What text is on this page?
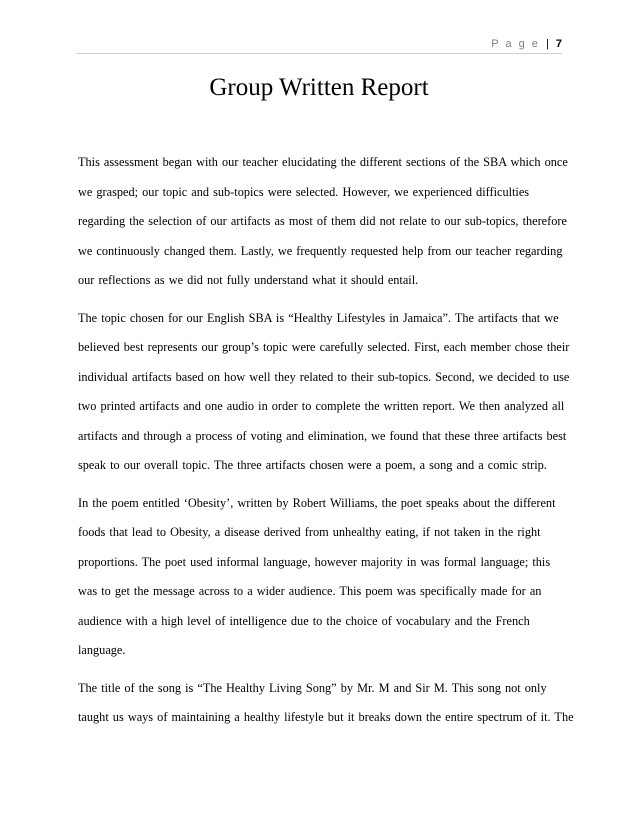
P a g e | 7
Group Written Report
This assessment began with our teacher elucidating the different sections of the SBA which once
we grasped; our topic and sub-topics were selected. However, we experienced difficulties
regarding the selection of our artifacts as most of them did not relate to our sub-topics, therefore
we continuously changed them. Lastly, we frequently requested help from our teacher regarding
our reflections as we did not fully understand what it should entail.
The topic chosen for our English SBA is “Healthy Lifestyles in Jamaica”. The artifacts that we
believed best represents our group’s topic were carefully selected. First, each member chose their
individual artifacts based on how well they related to their sub-topics. Second, we decided to use
two printed artifacts and one audio in order to complete the written report. We then analyzed all
artifacts and through a process of voting and elimination, we found that these three artifacts best
speak to our overall topic. The three artifacts chosen were a poem, a song and a comic strip.
In the poem entitled ‘Obesity’, written by Robert Williams, the poet speaks about the different
foods that lead to Obesity, a disease derived from unhealthy eating, if not taken in the right
proportions. The poet used informal language, however majority in was formal language; this
was to get the message across to a wider audience. This poem was specifically made for an
audience with a high level of intelligence due to the choice of vocabulary and the French
language.
The title of the song is “The Healthy Living Song” by Mr. M and Sir M. This song not only
taught us ways of maintaining a healthy lifestyle but it breaks down the entire spectrum of it. The
